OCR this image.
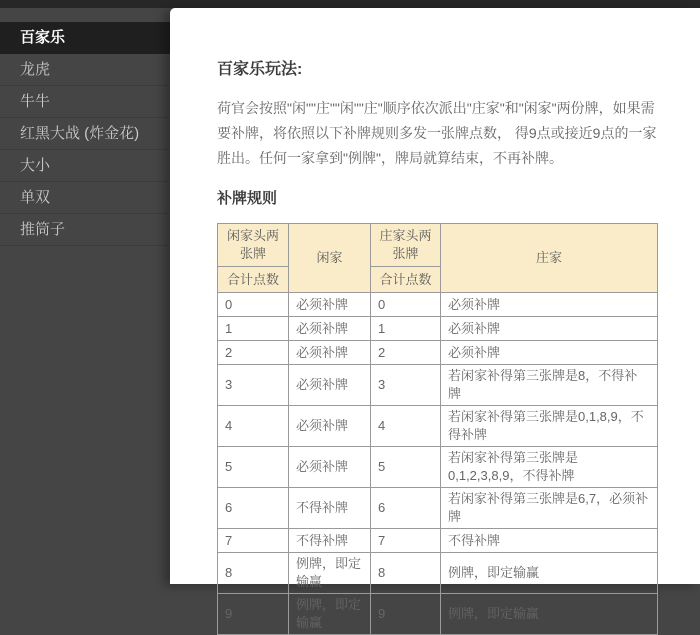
百家乐
龙虎
牛牛
红黑大战 (炸金花)
大小
单双
推筒子
百家乐玩法:

荷官会按照"闲""庄""闲""庄"顺序依次派出"庄家"和"闲家"两份牌，如果需要补牌，将依照以下补牌规则多发一张牌点数， 得9点或接近9点的一家胜出。任何一家拿到"例牌"，牌局就算结束，不再补牌。

补牌规则
闲家头两张牌	闲家	庄家头两张牌	庄家
合计点数		合计点数	
0	必须补牌	0	必须补牌
1	必须补牌	1	必须补牌
2	必须补牌	2	必须补牌
3	必须补牌	3	若闲家补得第三张牌是8，不得补牌
4	必须补牌	4	若闲家补得第三张牌是0,1,8,9，不得补牌
5	必须补牌	5	若闲家补得第三张牌是0,1,2,3,8,9，不得补牌
6	不得补牌	6	若闲家补得第三张牌是6,7，必须补牌
7	不得补牌	7	不得补牌
8	例牌，即定输赢	8	例牌，即定输赢
9	例牌，即定输赢	9	例牌，即定输赢
